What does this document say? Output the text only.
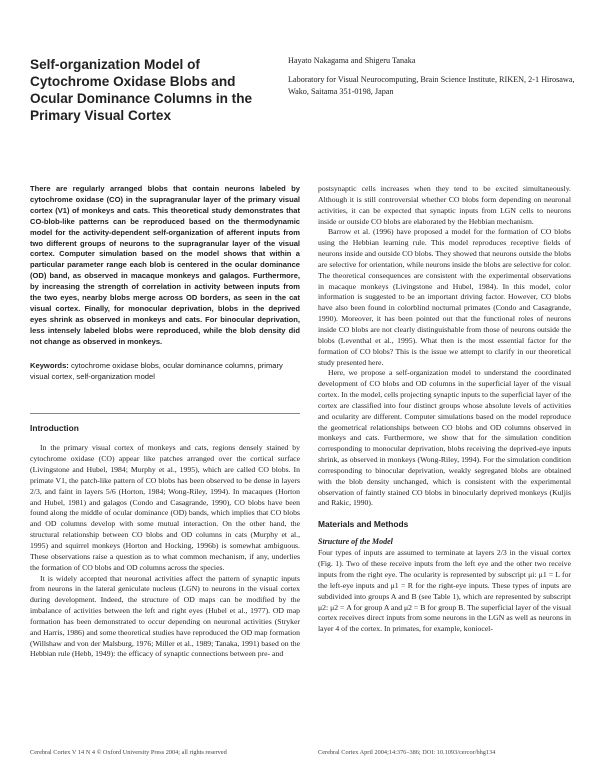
Self-organization Model of Cytochrome Oxidase Blobs and Ocular Dominance Columns in the Primary Visual Cortex
Hayato Nakagama and Shigeru Tanaka
Laboratory for Visual Neurocomputing, Brain Science Institute, RIKEN, 2-1 Hirosawa, Wako, Saitama 351-0198, Japan

There are regularly arranged blobs that contain neurons labeled by cytochrome oxidase (CO) in the supragranular layer of the primary visual cortex (V1) of monkeys and cats. This theoretical study demonstrates that CO-blob-like patterns can be reproduced based on the thermodynamic model for the activity-dependent self-organization of afferent inputs from two different groups of neurons to the supragranular layer of the visual cortex. Computer simulation based on the model shows that within a particular parameter range each blob is centered in the ocular dominance (OD) band, as observed in macaque monkeys and galagos. Furthermore, by increasing the strength of correlation in activity between inputs from the two eyes, nearby blobs merge across OD borders, as seen in the cat visual cortex. Finally, for monocular deprivation, blobs in the deprived eyes shrink as observed in monkeys and cats. For binocular deprivation, less intensely labeled blobs were reproduced, while the blob density did not change as observed in monkeys.

Keywords: cytochrome oxidase blobs, ocular dominance columns, primary visual cortex, self-organization model

Introduction

In the primary visual cortex of monkeys and cats, regions densely stained by cytochrome oxidase (CO) appear like patches arranged over the cortical surface (Livingstone and Hubel, 1984; Murphy et al., 1995), which are called CO blobs. In primate V1, the patch-like pattern of CO blobs has been observed to be dense in layers 2/3, and faint in layers 5/6 (Horton, 1984; Wong-Riley, 1994). In macaques (Horton and Hubel, 1981) and galagos (Condo and Casagrande, 1990), CO blobs have been found along the middle of ocular dominance (OD) bands, which implies that CO blobs and OD columns develop with some mutual interaction. On the other hand, the structural relationship between CO blobs and OD columns in cats (Murphy et al., 1995) and squirrel monkeys (Horton and Hocking, 1996b) is somewhat ambiguous. These observations raise a question as to what common mechanism, if any, underlies the formation of CO blobs and OD columns across the species.

It is widely accepted that neuronal activities affect the pattern of synaptic inputs from neurons in the lateral geniculate nucleus (LGN) to neurons in the visual cortex during development. Indeed, the structure of OD maps can be modified by the imbalance of activities between the left and right eyes (Hubel et al., 1977). OD map formation has been demonstrated to occur depending on neuronal activities (Stryker and Harris, 1986) and some theoretical studies have reproduced the OD map formation (Willshaw and von der Malsburg, 1976; Miller et al., 1989; Tanaka, 1991) based on the Hebbian rule (Hebb, 1949): the efficacy of synaptic connections between pre- and

postsynaptic cells increases when they tend to be excited simultaneously. Although it is still controversial whether CO blobs form depending on neuronal activities, it can be expected that synaptic inputs from LGN cells to neurons inside or outside CO blobs are elaborated by the Hebbian mechanism.

Barrow et al. (1996) have proposed a model for the formation of CO blobs using the Hebbian learning rule. This model reproduces receptive fields of neurons inside and outside CO blobs. They showed that neurons outside the blobs are selective for orientation, while neurons inside the blobs are selective for color. The theoretical consequences are consistent with the experimental observations in macaque monkeys (Livingstone and Hubel, 1984). In this model, color information is suggested to be an important driving factor. However, CO blobs have also been found in colorblind nocturnal primates (Condo and Casagrande, 1990). Moreover, it has been pointed out that the functional roles of neurons inside CO blobs are not clearly distinguishable from those of neurons outside the blobs (Leventhal et al., 1995). What then is the most essential factor for the formation of CO blobs? This is the issue we attempt to clarify in our theoretical study presented here.

Here, we propose a self-organization model to understand the coordinated development of CO blobs and OD columns in the superficial layer of the visual cortex. In the model, cells projecting synaptic inputs to the superficial layer of the cortex are classified into four distinct groups whose absolute levels of activities and ocularity are different. Computer simulations based on the model reproduce the geometrical relationships between CO blobs and OD columns observed in monkeys and cats. Furthermore, we show that for the simulation condition corresponding to monocular deprivation, blobs receiving the deprived-eye inputs shrink, as observed in monkeys (Wong-Riley, 1994). For the simulation condition corresponding to binocular deprivation, weakly segregated blobs are obtained with the blob density unchanged, which is consistent with the experimental observation of faintly stained CO blobs in binocularly deprived monkeys (Kuljis and Rakic, 1990).

Materials and Methods
Structure of the Model

Four types of inputs are assumed to terminate at layers 2/3 in the visual cortex (Fig. 1). Two of these receive inputs from the left eye and the other two receive inputs from the right eye. The ocularity is represented by subscript μi: μ1 = L for the left-eye inputs and μ1 = R for the right-eye inputs. These types of inputs are subdivided into groups A and B (see Table 1), which are represented by subscript μ2: μ2 = A for group A and μ2 = B for group B. The superficial layer of the visual cortex receives direct inputs from some neurons in the LGN as well as neurons in layer 4 of the cortex. In primates, for example, koniocel-

Cerebral Cortex V 14 N 4 © Oxford University Press 2004; all rights reserved	Cerebral Cortex April 2004;14:376–386; DOI: 10.1093/cercor/bhg134
